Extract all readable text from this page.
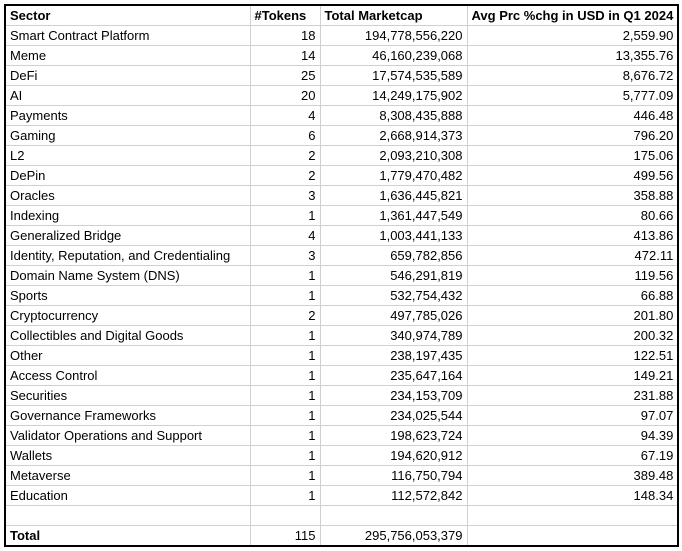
Sector	#Tokens	Total Marketcap	Avg Prc %chg in USD in Q1 2024
Smart Contract Platform	18	194,778,556,220	2,559.90
Meme	14	46,160,239,068	13,355.76
DeFi	25	17,574,535,589	8,676.72
AI	20	14,249,175,902	5,777.09
Payments	4	8,308,435,888	446.48
Gaming	6	2,668,914,373	796.20
L2	2	2,093,210,308	175.06
DePin	2	1,779,470,482	499.56
Oracles	3	1,636,445,821	358.88
Indexing	1	1,361,447,549	80.66
Generalized Bridge	4	1,003,441,133	413.86
Identity, Reputation, and Credentialing	3	659,782,856	472.11
Domain Name System (DNS)	1	546,291,819	119.56
Sports	1	532,754,432	66.88
Cryptocurrency	2	497,785,026	201.80
Collectibles and Digital Goods	1	340,974,789	200.32
Other	1	238,197,435	122.51
Access Control	1	235,647,164	149.21
Securities	1	234,153,709	231.88
Governance Frameworks	1	234,025,544	97.07
Validator Operations and Support	1	198,623,724	94.39
Wallets	1	194,620,912	67.19
Metaverse	1	116,750,794	389.48
Education	1	112,572,842	148.34

Total	115	295,756,053,379	
